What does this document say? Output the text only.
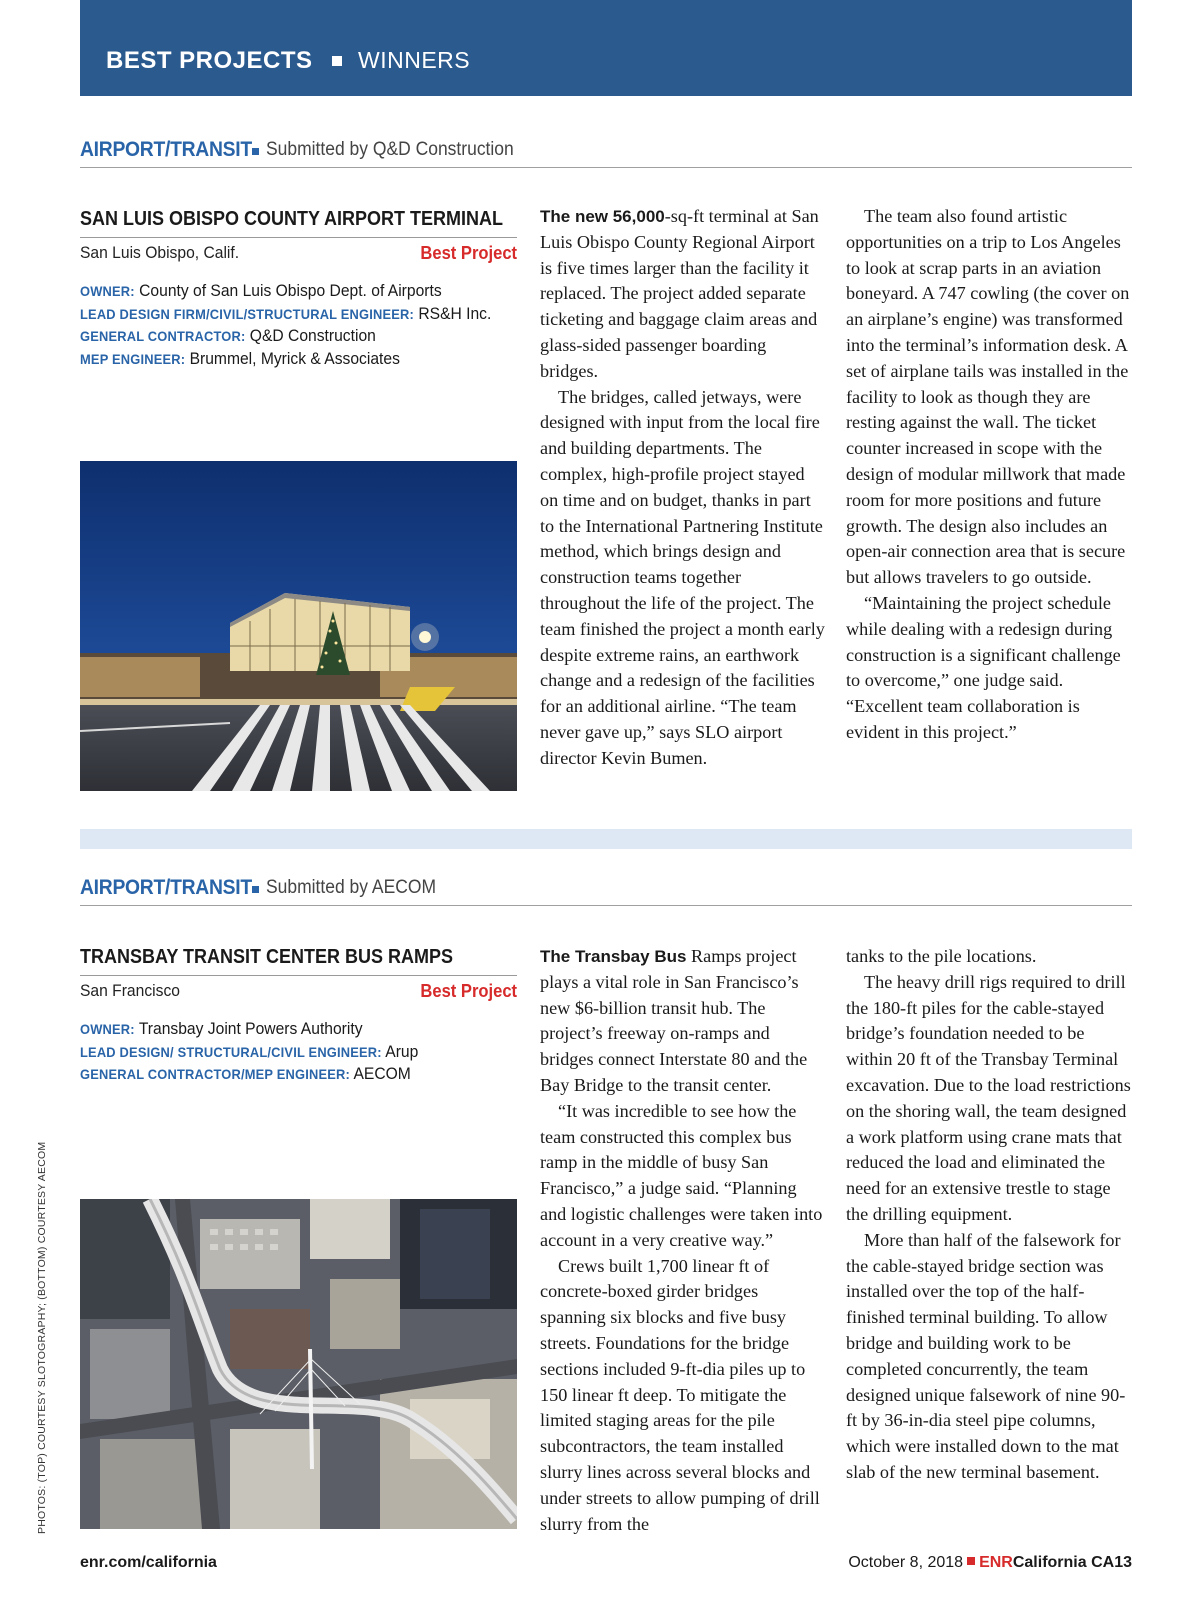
BEST PROJECTS WINNERS
AIRPORT/TRANSIT Submitted by Q&D Construction
SAN LUIS OBISPO COUNTY AIRPORT TERMINAL
San Luis Obispo, Calif.	Best Project
OWNER: County of San Luis Obispo Dept. of Airports
LEAD DESIGN FIRM/CIVIL/STRUCTURAL ENGINEER: RS&H Inc.
GENERAL CONTRACTOR: Q&D Construction
MEP ENGINEER: Brummel, Myrick & Associates

The new 56,000-sq-ft terminal at San Luis Obispo County Regional Airport is five times larger than the facility it replaced. The project added separate ticketing and baggage claim areas and glass-sided passenger boarding bridges.

The bridges, called jetways, were designed with input from the local fire and building departments. The complex, high-profile project stayed on time and on budget, thanks in part to the International Partnering Institute method, which brings design and construction teams together throughout the life of the project. The team finished the project a month early despite extreme rains, an earthwork change and a redesign of the facilities for an additional airline. “The team never gave up,” says SLO airport director Kevin Bumen.

The team also found artistic opportunities on a trip to Los Angeles to look at scrap parts in an aviation boneyard. A 747 cowling (the cover on an airplane’s engine) was transformed into the terminal’s information desk. A set of airplane tails was installed in the facility to look as though they are resting against the wall. The ticket counter increased in scope with the design of modular millwork that made room for more positions and future growth. The design also includes an open-air connection area that is secure but allows travelers to go outside.

“Maintaining the project schedule while dealing with a redesign during construction is a significant challenge to overcome,” one judge said. “Excellent team collaboration is evident in this project.”

AIRPORT/TRANSIT Submitted by AECOM
TRANSBAY TRANSIT CENTER BUS RAMPS
San Francisco	Best Project
OWNER: Transbay Joint Powers Authority
LEAD DESIGN/ STRUCTURAL/CIVIL ENGINEER: Arup
GENERAL CONTRACTOR/MEP ENGINEER: AECOM

The Transbay Bus Ramps project plays a vital role in San Francisco’s new $6-billion transit hub. The project’s freeway on-ramps and bridges connect Interstate 80 and the Bay Bridge to the transit center.

“It was incredible to see how the team constructed this complex bus ramp in the middle of busy San Francisco,” a judge said. “Planning and logistic challenges were taken into account in a very creative way.”

Crews built 1,700 linear ft of concrete-boxed girder bridges spanning six blocks and five busy streets. Foundations for the bridge sections included 9-ft-dia piles up to 150 linear ft deep. To mitigate the limited staging areas for the pile subcontractors, the team installed slurry lines across several blocks and under streets to allow pumping of drill slurry from the

tanks to the pile locations.

The heavy drill rigs required to drill the 180-ft piles for the cable-stayed bridge’s foundation needed to be within 20 ft of the Transbay Terminal excavation. Due to the load restrictions on the shoring wall, the team designed a work platform using crane mats that reduced the load and eliminated the need for an extensive trestle to stage the drilling equipment.

More than half of the falsework for the cable-stayed bridge section was installed over the top of the half-finished terminal building. To allow bridge and building work to be completed concurrently, the team designed unique falsework of nine 90-ft by 36-in-dia steel pipe columns, which were installed down to the mat slab of the new terminal basement.

PHOTOS: (TOP) COURTESY SLOTOGRAPHY; (BOTTOM) COURTESY AECOM
enr.com/california	October 8, 2018 ENRCalifornia CA13
